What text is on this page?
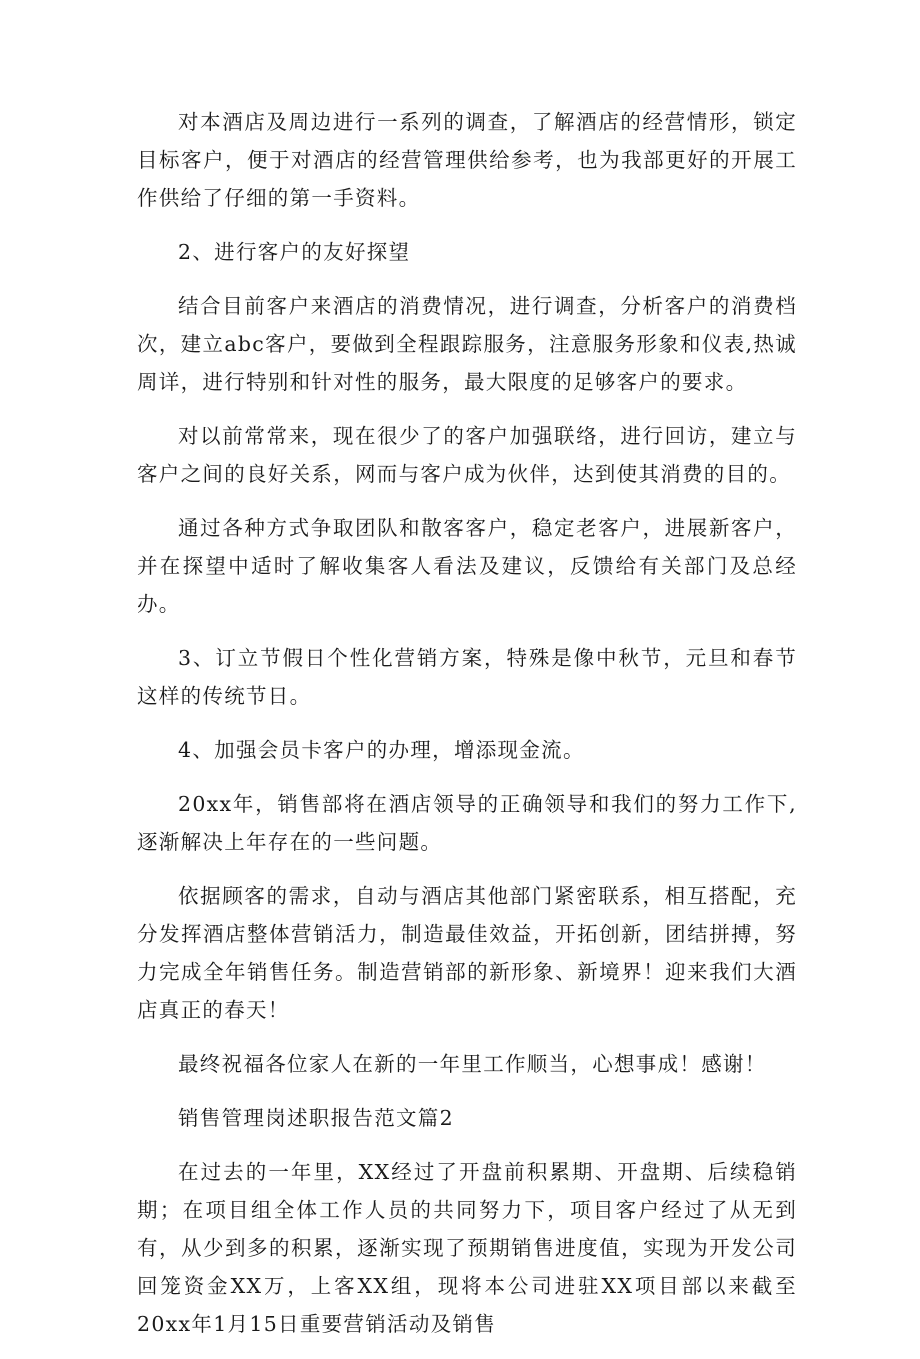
对本酒店及周边进行一系列的调查，了解酒店的经营情形，锁定目标客户，便于对酒店的经营管理供给参考，也为我部更好的开展工作供给了仔细的第一手资料。

2、进行客户的友好探望

结合目前客户来酒店的消费情况，进行调查，分析客户的消费档次，建立abc客户，要做到全程跟踪服务，注意服务形象和仪表,热诚周详，进行特别和针对性的服务，最大限度的足够客户的要求。

对以前常常来，现在很少了的客户加强联络，进行回访，建立与客户之间的良好关系，网而与客户成为伙伴，达到使其消费的目的。

通过各种方式争取团队和散客客户，稳定老客户，进展新客户，并在探望中适时了解收集客人看法及建议，反馈给有关部门及总经办。

3、订立节假日个性化营销方案，特殊是像中秋节，元旦和春节这样的传统节日。

4、加强会员卡客户的办理，增添现金流。

20xx年，销售部将在酒店领导的正确领导和我们的努力工作下,逐渐解决上年存在的一些问题。

依据顾客的需求，自动与酒店其他部门紧密联系，相互搭配，充分发挥酒店整体营销活力，制造最佳效益，开拓创新，团结拼搏，努力完成全年销售任务。制造营销部的新形象、新境界！迎来我们大酒店真正的春天！

最终祝福各位家人在新的一年里工作顺当，心想事成！感谢！

销售管理岗述职报告范文篇2

在过去的一年里，XX经过了开盘前积累期、开盘期、后续稳销期；在项目组全体工作人员的共同努力下，项目客户经过了从无到有，从少到多的积累，逐渐实现了预期销售进度值，实现为开发公司回笼资金XX万，上客XX组，现将本公司进驻XX项目部以来截至20xx年1月15日重要营销活动及销售
